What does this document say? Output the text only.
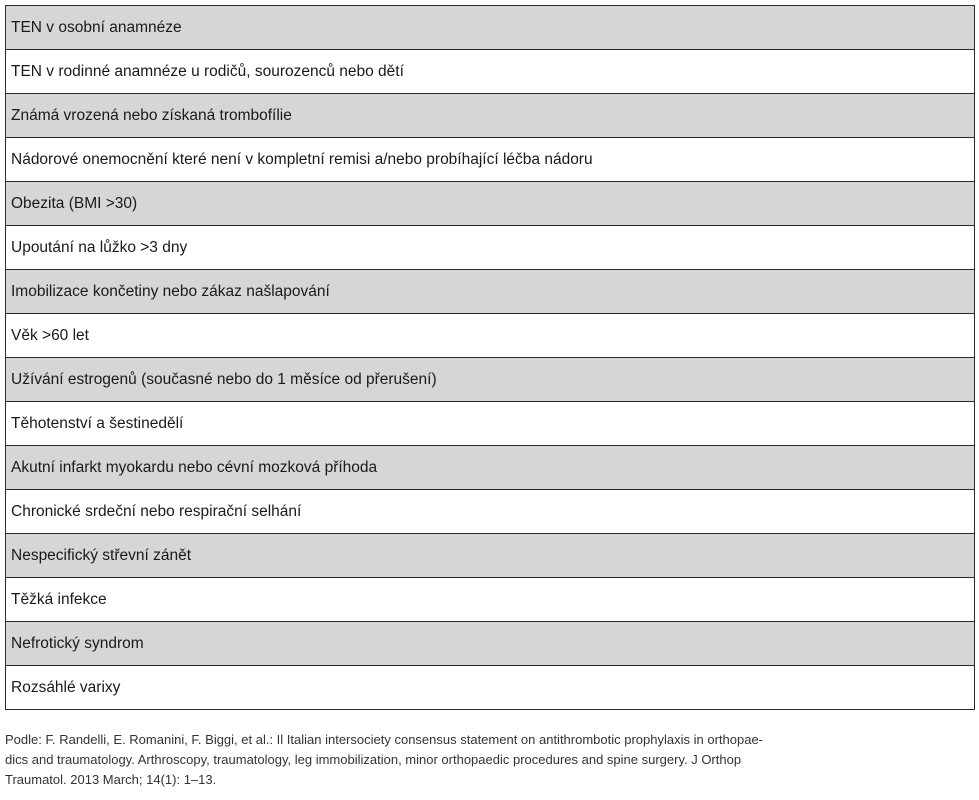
TEN v osobní anamnéze
TEN v rodinné anamnéze u rodičů, sourozenců nebo dětí
Známá vrozená nebo získaná trombofílie
Nádorové onemocnění které není v kompletní remisi a/nebo probíhající léčba nádoru
Obezita (BMI >30)
Upoutání na lůžko >3 dny
Imobilizace končetiny nebo zákaz našlapování
Věk >60 let
Užívání estrogenů (současné nebo do 1 měsíce od přerušení)
Těhotenství a šestinedělí
Akutní infarkt myokardu nebo cévní mozková příhoda
Chronické srdeční nebo respirační selhání
Nespecifický střevní zánět
Těžká infekce
Nefrotický syndrom
Rozsáhlé varixy
Podle: F. Randelli, E. Romanini, F. Biggi, et al.: Il Italian intersociety consensus statement on antithrombotic prophylaxis in orthopae-
dics and traumatology. Arthroscopy, traumatology, leg immobilization, minor orthopaedic procedures and spine surgery. J Orthop
Traumatol. 2013 March; 14(1): 1–13.
